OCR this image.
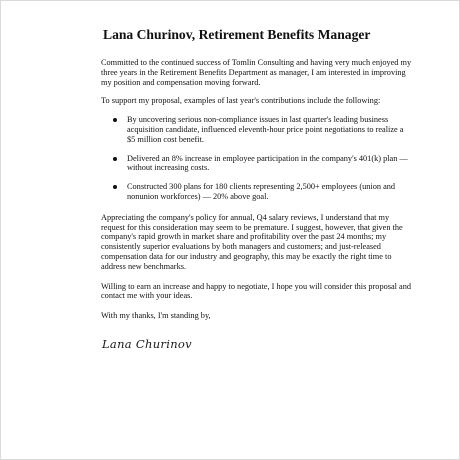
Lana Churinov, Retirement Benefits Manager

Committed to the continued success of Tomlin Consulting and having very much enjoyed my three years in the Retirement Benefits Department as manager, I am interested in improving my position and compensation moving forward.

To support my proposal, examples of last year's contributions include the following:

By uncovering serious non-compliance issues in last quarter's leading business acquisition candidate, influenced eleventh-hour price point negotiations to realize a $5 million cost benefit.
Delivered an 8% increase in employee participation in the company's 401(k) plan — without increasing costs.
Constructed 300 plans for 180 clients representing 2,500+ employees (union and nonunion workforces) — 20% above goal.

Appreciating the company's policy for annual, Q4 salary reviews, I understand that my request for this consideration may seem to be premature. I suggest, however, that given the company's rapid growth in market share and profitability over the past 24 months; my consistently superior evaluations by both managers and customers; and just-released compensation data for our industry and geography, this may be exactly the right time to address new benchmarks.

Willing to earn an increase and happy to negotiate, I hope you will consider this proposal and contact me with your ideas.

With my thanks, I'm standing by,

Lana Churinov
